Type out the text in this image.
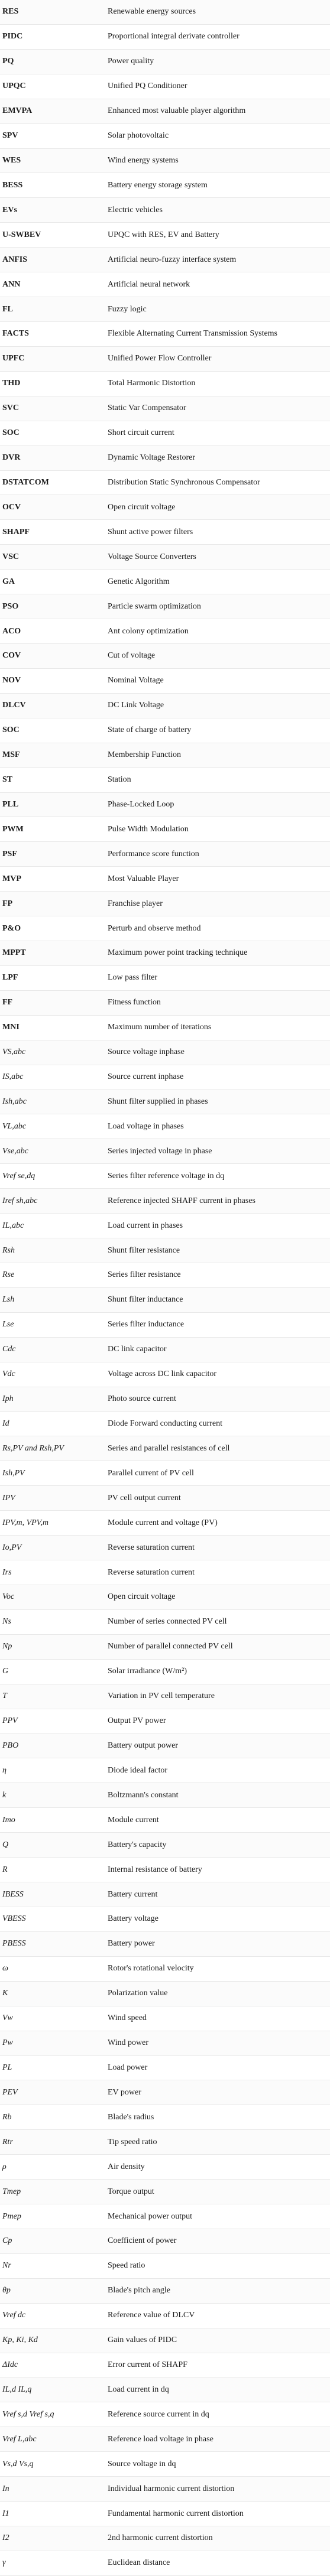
RES	Renewable energy sources
PIDC	Proportional integral derivate controller
PQ	Power quality
UPQC	Unified PQ Conditioner
EMVPA	Enhanced most valuable player algorithm
SPV	Solar photovoltaic
WES	Wind energy systems
BESS	Battery energy storage system
EVs	Electric vehicles
U-SWBEV	UPQC with RES, EV and Battery
ANFIS	Artificial neuro-fuzzy interface system
ANN	Artificial neural network
FL	Fuzzy logic
FACTS	Flexible Alternating Current Transmission Systems
UPFC	Unified Power Flow Controller
THD	Total Harmonic Distortion
SVC	Static Var Compensator
SOC	Short circuit current
DVR	Dynamic Voltage Restorer
DSTATCOM	Distribution Static Synchronous Compensator
OCV	Open circuit voltage
SHAPF	Shunt active power filters
VSC	Voltage Source Converters
GA	Genetic Algorithm
PSO	Particle swarm optimization
ACO	Ant colony optimization
COV	Cut of voltage
NOV	Nominal Voltage
DLCV	DC Link Voltage
SOC	State of charge of battery
MSF	Membership Function
ST	Station
PLL	Phase-Locked Loop
PWM	Pulse Width Modulation
PSF	Performance score function
MVP	Most Valuable Player
FP	Franchise player
P&O	Perturb and observe method
MPPT	Maximum power point tracking technique
LPF	Low pass filter
FF	Fitness function
MNI	Maximum number of iterations
VS,abc	Source voltage inphase
IS,abc	Source current inphase
Ish,abc	Shunt filter supplied in phases
VL,abc	Load voltage in phases
Vse,abc	Series injected voltage in phase
Vref se,dq	Series filter reference voltage in dq
Iref sh,abc	Reference injected SHAPF current in phases
IL,abc	Load current in phases
Rsh	Shunt filter resistance
Rse	Series filter resistance
Lsh	Shunt filter inductance
Lse	Series filter inductance
Cdc	DC link capacitor
Vdc	Voltage across DC link capacitor
Iph	Photo source current
Id	Diode Forward conducting current
Rs,PV and Rsh,PV	Series and parallel resistances of cell
Ish,PV	Parallel current of PV cell
IPV	PV cell output current
IPV,m, VPV,m	Module current and voltage (PV)
Io,PV	Reverse saturation current
Irs	Reverse saturation current
Voc	Open circuit voltage
Ns	Number of series connected PV cell
Np	Number of parallel connected PV cell
G	Solar irradiance (W/m²)
T	Variation in PV cell temperature
PPV	Output PV power
PBO	Battery output power
η	Diode ideal factor
k	Boltzmann's constant
Imo	Module current
Q	Battery's capacity
R	Internal resistance of battery
IBESS	Battery current
VBESS	Battery voltage
PBESS	Battery power
ω	Rotor's rotational velocity
K	Polarization value
Vw	Wind speed
Pw	Wind power
PL	Load power
PEV	EV power
Rb	Blade's radius
Rtr	Tip speed ratio
ρ	Air density
Tmep	Torque output
Pmep	Mechanical power output
Cp	Coefficient of power
Nr	Speed ratio
θp	Blade's pitch angle
Vref dc	Reference value of DLCV
Kp, Ki, Kd	Gain values of PIDC
ΔIdc	Error current of SHAPF
IL,d IL,q	Load current in dq
Vref s,d Vref s,q	Reference source current in dq
Vref L,abc	Reference load voltage in phase
Vs,d Vs,q	Source voltage in dq
In	Individual harmonic current distortion
I1	Fundamental harmonic current distortion
I2	2nd harmonic current distortion
γ	Euclidean distance
